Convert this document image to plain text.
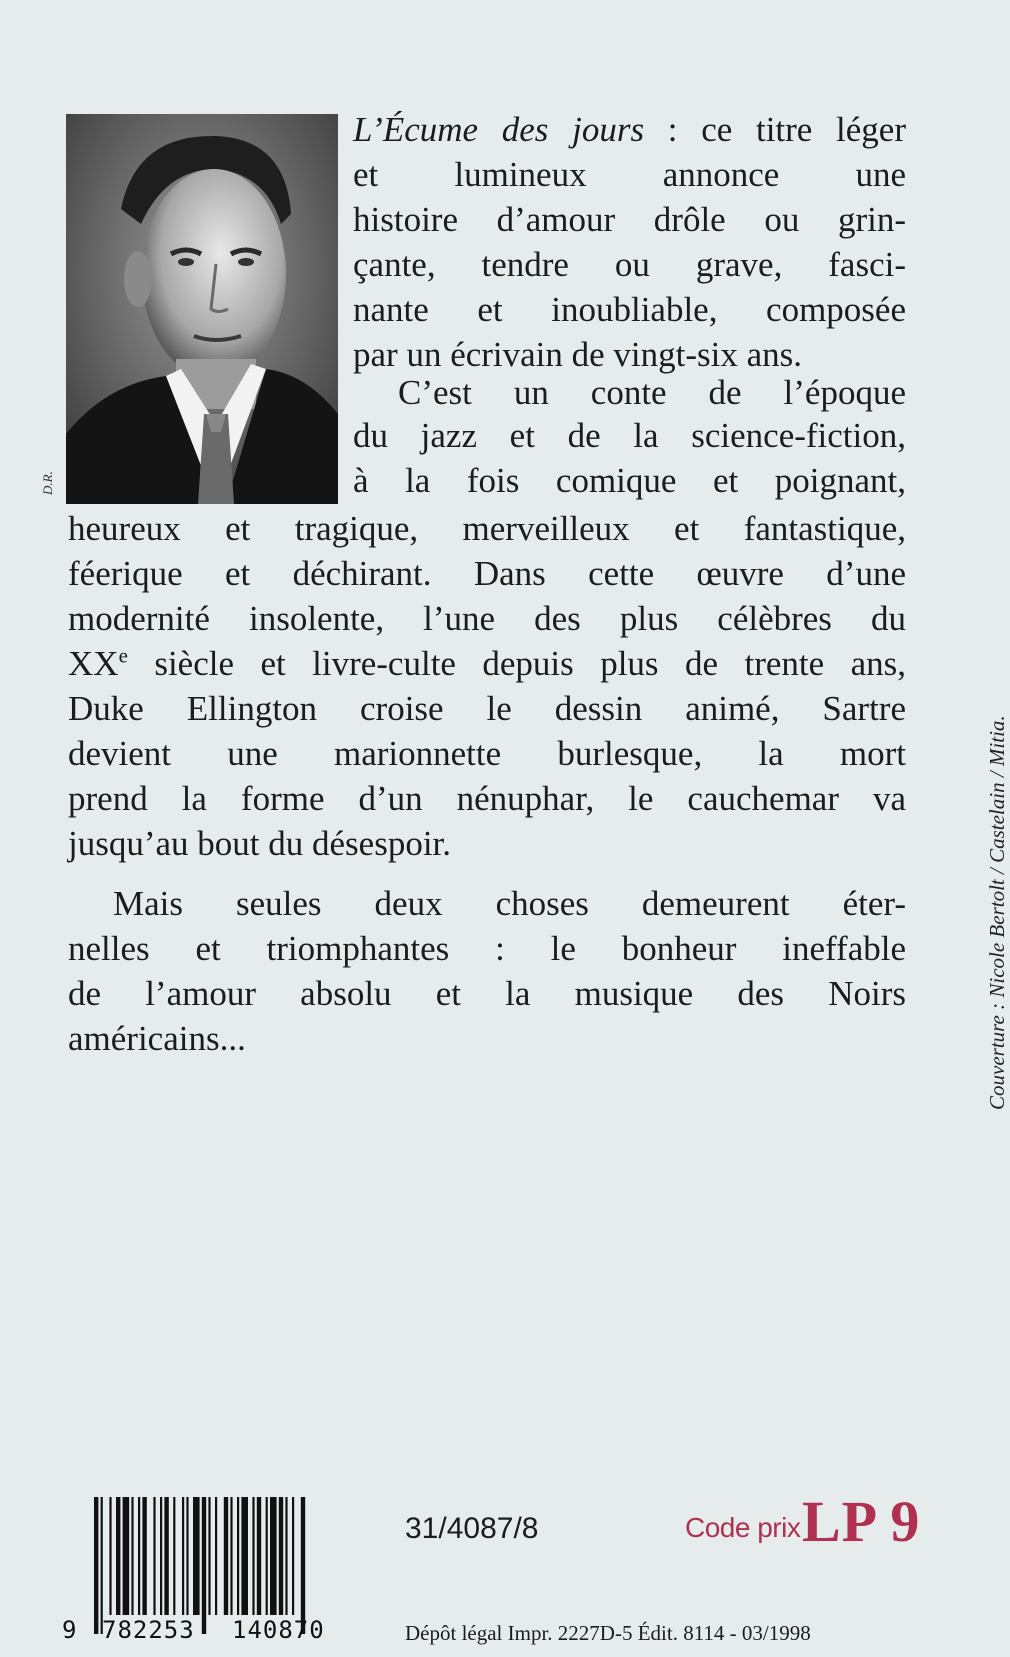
D.R.
L’Écume des jours : ce titre léger
et lumineux annonce une
histoire d’amour drôle ou grin-
çante, tendre ou grave, fasci-
nante et inoubliable, composée
par un écrivain de vingt-six ans.
C’est un conte de l’époque
du jazz et de la science-fiction,
à la fois comique et poignant,
heureux et tragique, merveilleux et fantastique,
féerique et déchirant. Dans cette œuvre d’une
modernité insolente, l’une des plus célèbres du
XXe siècle et livre-culte depuis plus de trente ans,
Duke Ellington croise le dessin animé, Sartre
devient une marionnette burlesque, la mort
prend la forme d’un nénuphar, le cauchemar va
jusqu’au bout du désespoir.
Mais seules deux choses demeurent éter-
nelles et triomphantes : le bonheur ineffable
de l’amour absolu et la musique des Noirs
américains...
9 782253 140870
31/4087/8	Code prix LP 9
Dépôt légal Impr. 2227D-5 Édit. 8114 - 03/1998
Couverture : Nicole Bertolt / Castelain / Mitia.
